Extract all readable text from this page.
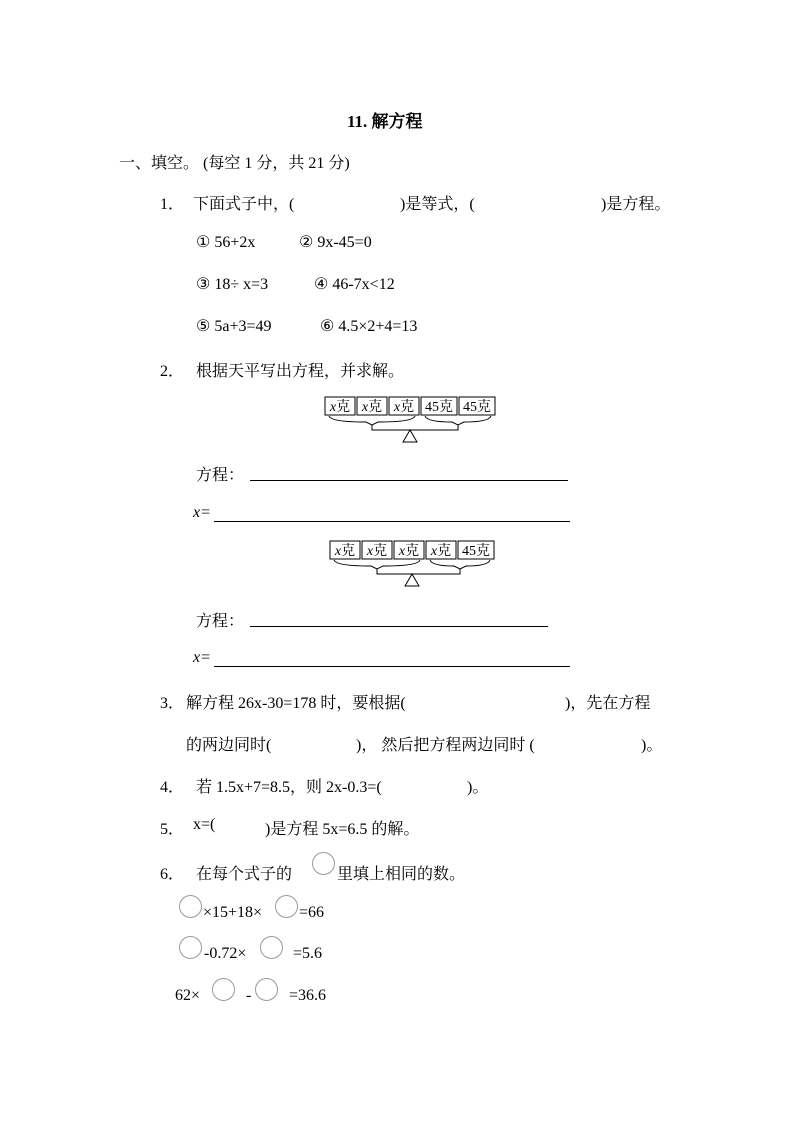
11. 解方程
一、填空。 (每空 1 分，共 21 分)
1． 下面式子中，(	)是等式，(	)是方程。
① 56+2x	② 9x-45=0
③ 18÷ x=3	④ 46-7x<12
⑤ 5a+3=49	⑥ 4.5×2+4=13
2． 根据天平写出方程，并求解。
x克 x克 x克 45克 45克
方程：
x=
x克 x克 x克 x克 45克
方程：
x=
3． 解方程 26x-30=178 时，要根据(	)，先在方程
的两边同时(	)， 然后把方程两边同时 (	)。
4． 若 1.5x+7=8.5，则 2x-0.3=(	)。
5． x=(	)是方程 5x=6.5 的解。
6． 在每个式子的	里填上相同的数。
×15+18× =66
-0.72×	=5.6
62×	- =36.6
